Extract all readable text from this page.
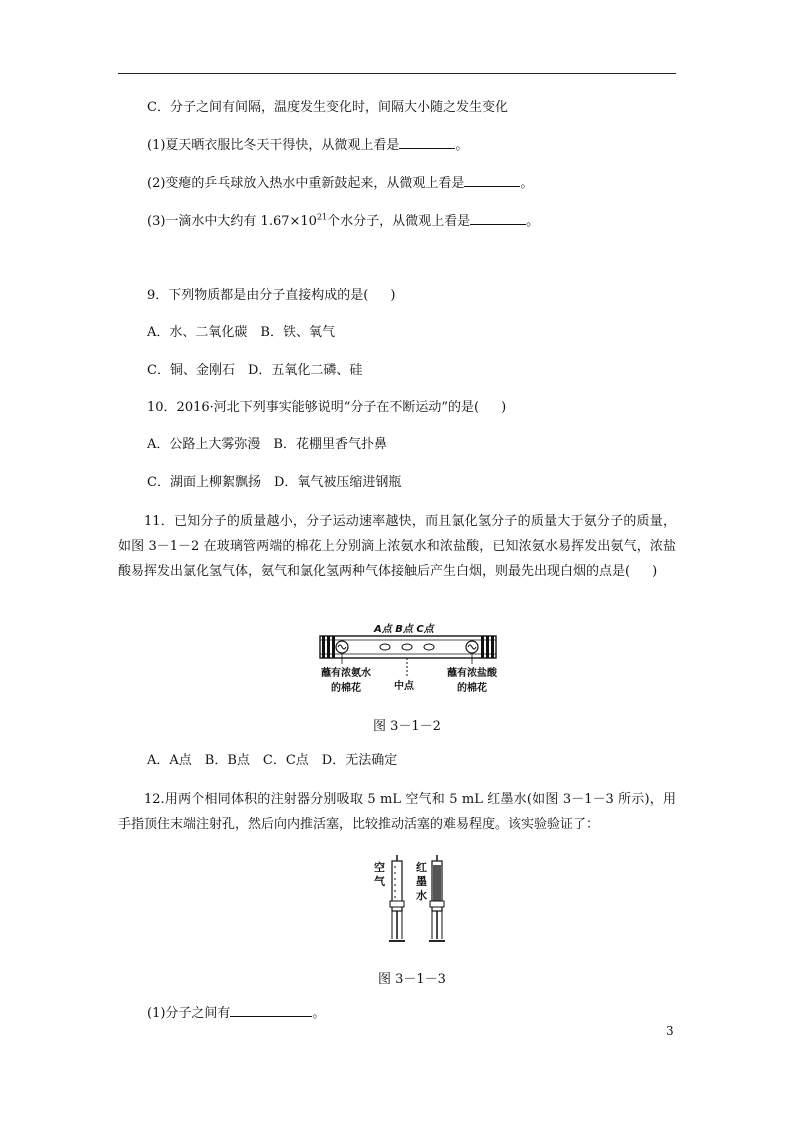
C．分子之间有间隔，温度发生变化时，间隔大小随之发生变化
(1)夏天晒衣服比冬天干得快，从微观上看是	。
(2)变瘪的乒乓球放入热水中重新鼓起来，从微观上看是	。
(3)一滴水中大约有 $1.67\times 10^{21}$个水分子，从微观上看是	。
9．下列物质都是由分子直接构成的是( )
A．水、二氧化碳　B．铁、氧气
C．铜、金刚石　D．五氧化二磷、硅
10．2016·河北下列事实能够说明“分子在不断运动”的是( )
A．公路上大雾弥漫　B．花棚里香气扑鼻
C．湖面上柳絮飘扬　D．氧气被压缩进钢瓶
11．已知分子的质量越小，分子运动速率越快，而且氯化氢分子的质量大于氨分子的质量，如图 3－1－2 在玻璃管两端的棉花上分别滴上浓氨水和浓盐酸，已知浓氨水易挥发出氨气，浓盐酸易挥发出氯化氢气体，氨气和氯化氢两种气体接触后产生白烟，则最先出现白烟的点是( )
A点 B点 C点
蘸有浓氨水
的棉花	中点
蘸有浓盐酸
的棉花
图 3－1－2
A．A点　B．B点　C．C点　D．无法确定
12.用两个相同体积的注射器分别吸取 5 mL 空气和 5 mL 红墨水(如图 3－1－3 所示)，用手指顶住末端注射孔，然后向内推活塞，比较推动活塞的难易程度。该实验验证了：
空气
红墨水
图 3－1－3
(1)分子之间有	。
3
